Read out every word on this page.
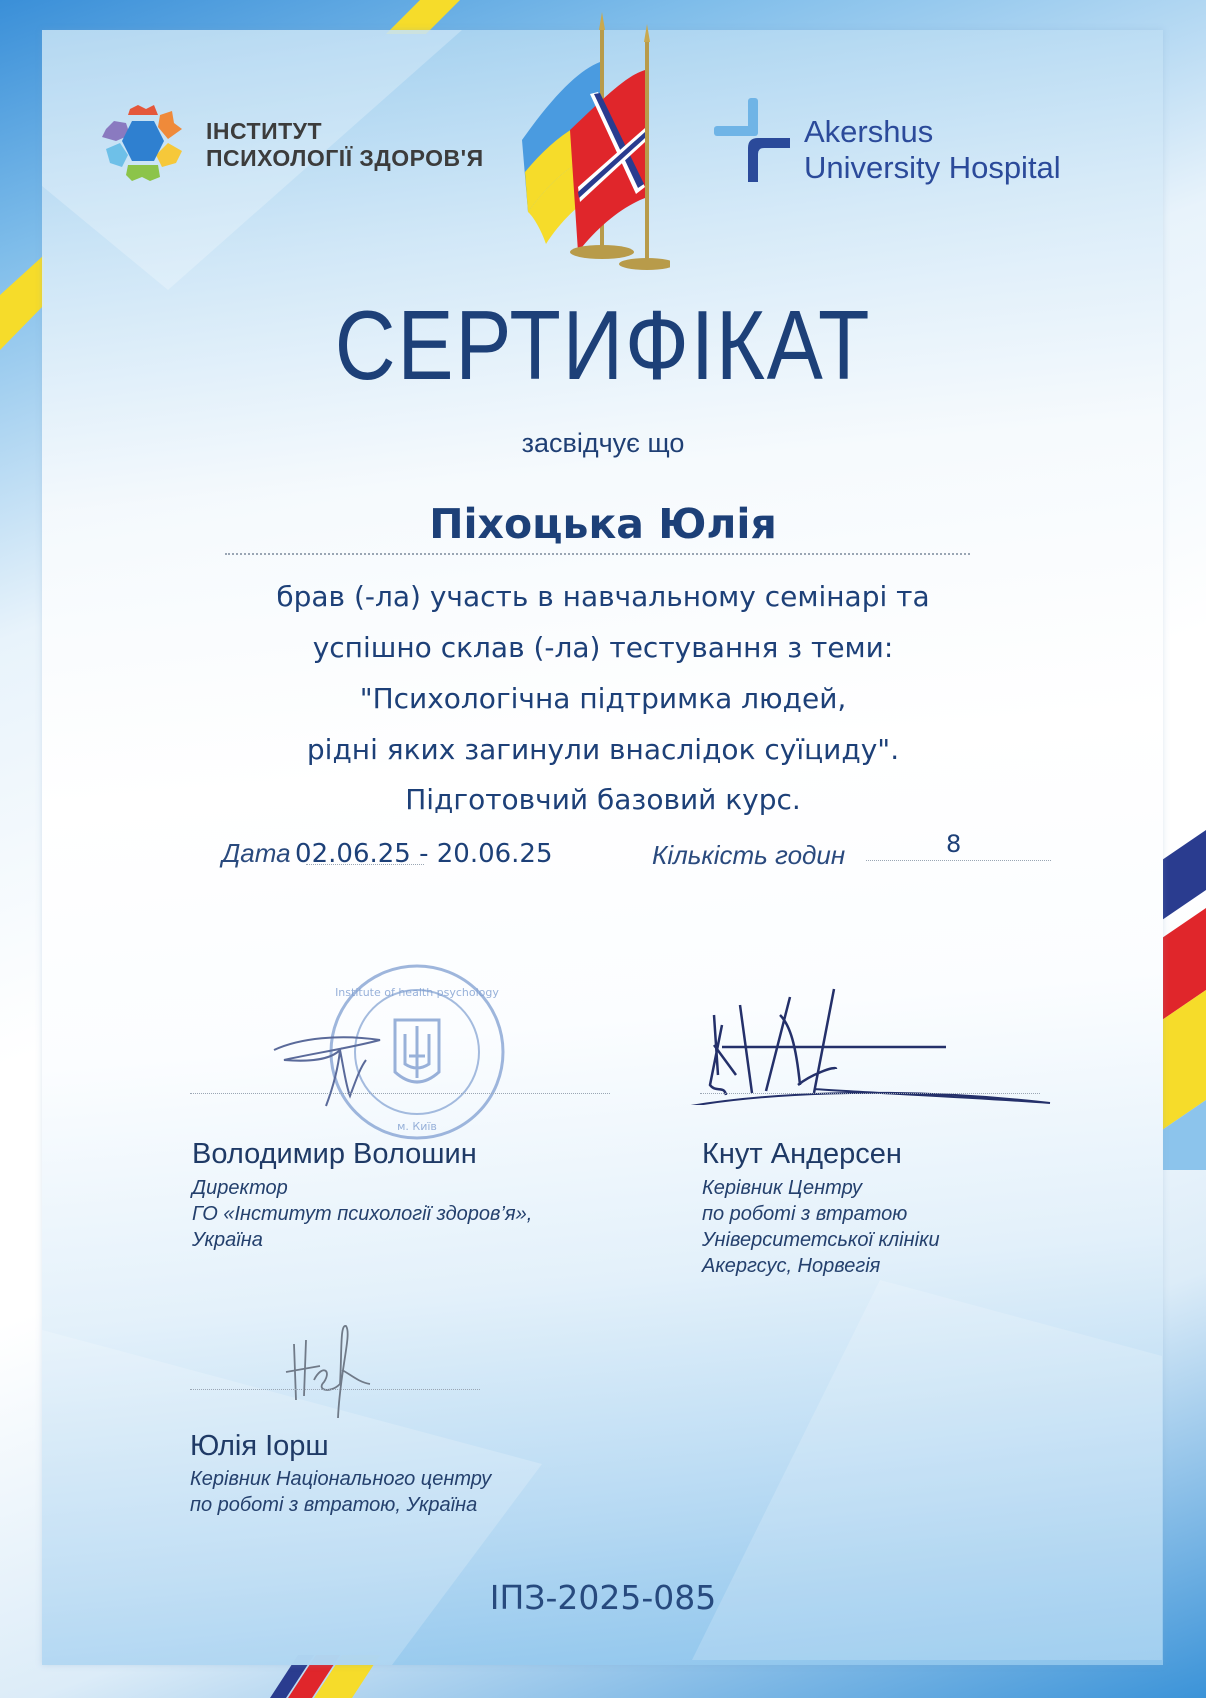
ІНСТИТУТ
ПСИХОЛОГІЇ ЗДОРОВ'Я
Akershus
University Hospital
СЕРТИФІКАТ
засвідчує що
Піхоцька Юлія
брав (-ла) участь в навчальному семінарі та
успішно склав (-ла) тестування з теми:
"Психологічна підтримка людей,
рідні яких загинули внаслідок суїциду".
Підготовчий базовий курс.
Дата 02.06.25 - 20.06.25	Кількість годин	8
Institute of health psychology
м. Київ
Володимир Волошин
Директор
ГО «Інститут психології здоров’я»,
Україна
Кнут Андерсен
Керівник Центру
по роботі з втратою
Університетської клініки
Акергсус, Норвегія
Юлія Іорш
Керівник Національного центру
по роботі з втратою, Україна
ІПЗ-2025-085
